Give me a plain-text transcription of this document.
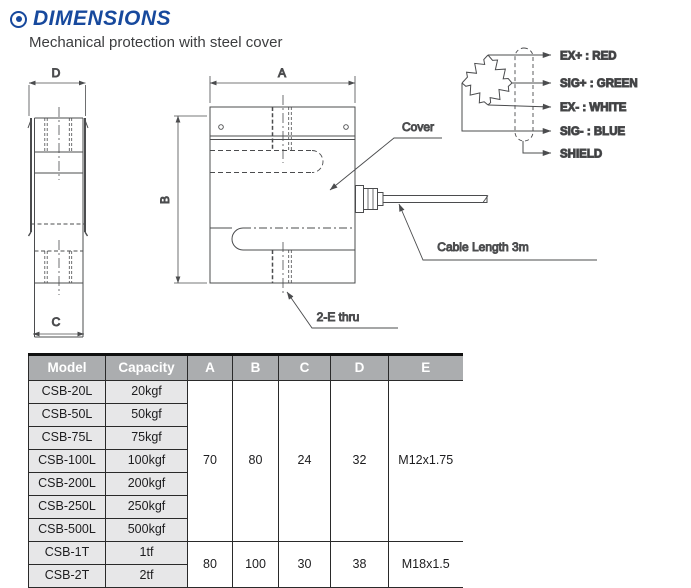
DIMENSIONS
Mechanical protection with steel cover
D
C
A
B
Cover
Cable Length 3m
2-E thru
EX+ : RED
SIG+ : GREEN
EX- : WHITE
SIG- : BLUE
SHIELD
Model	Capacity	A	B	C	D	E
CSB-20L	20kgf	70	80	24	32	M12x1.75
CSB-50L	50kgf					
CSB-75L	75kgf					
CSB-100L	100kgf					
CSB-200L	200kgf					
CSB-250L	250kgf					
CSB-500L	500kgf					
CSB-1T	1tf	80	100	30	38	M18x1.5
CSB-2T	2tf					
